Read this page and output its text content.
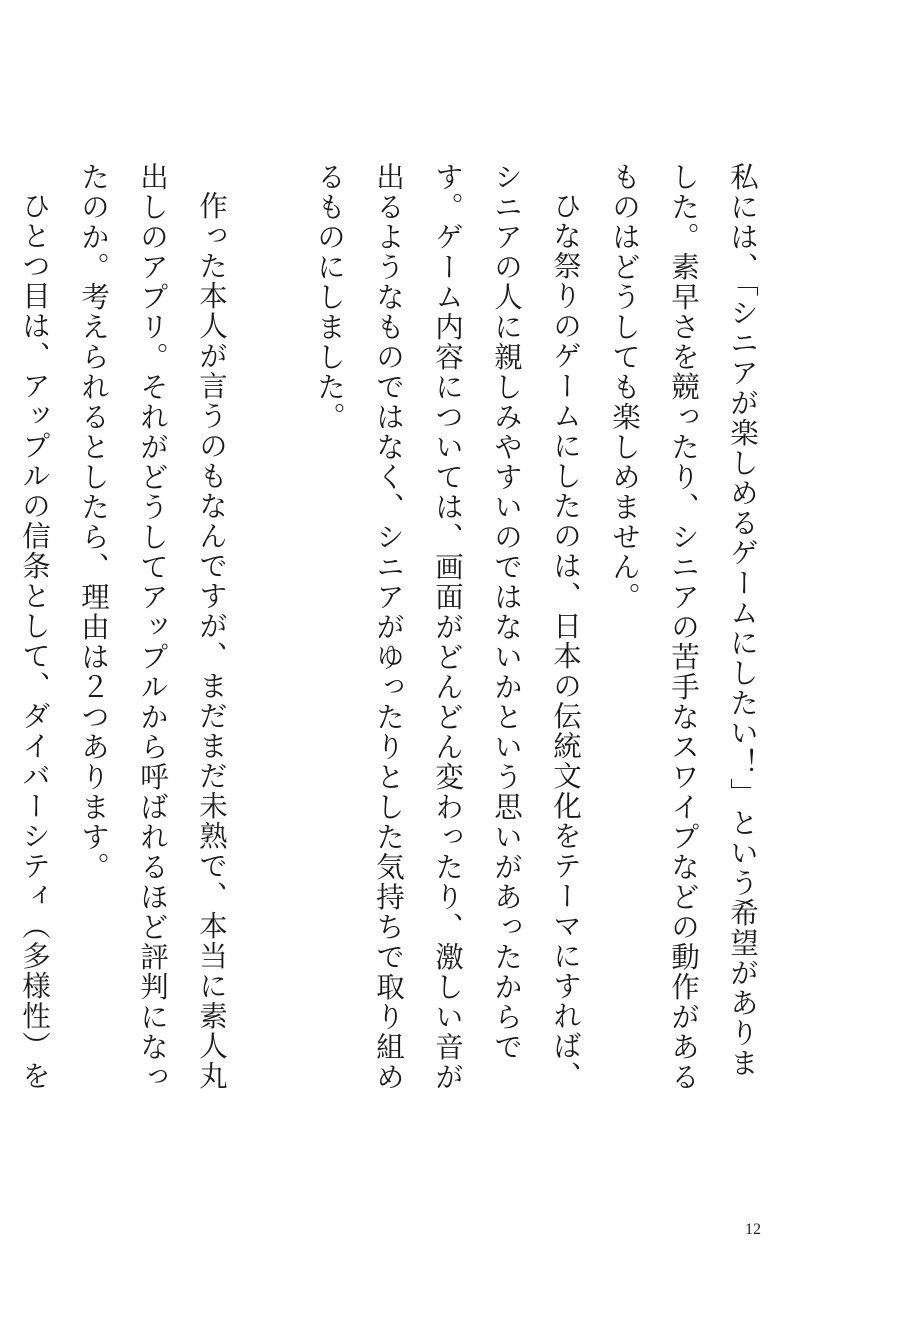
私には、「シニアが楽しめるゲームにしたい！」という希望がありました。素早さを競ったり、シニアの苦手なスワイプなどの動作があるものはどうしても楽しめません。

ひな祭りのゲームにしたのは、日本の伝統文化をテーマにすれば、シニアの人に親しみやすいのではないかという思いがあったからです。ゲーム内容については、画面がどんどん変わったり、激しい音が出るようなものではなく、シニアがゆったりとした気持ちで取り組めるものにしました。

作った本人が言うのもなんですが、まだまだ未熟で、本当に素人丸出しのアプリ。それがどうしてアップルから呼ばれるほど評判になったのか。考えられるとしたら、理由は２つあります。

ひとつ目は、アップルの信条として、ダイバーシティ（多様性）を

12
